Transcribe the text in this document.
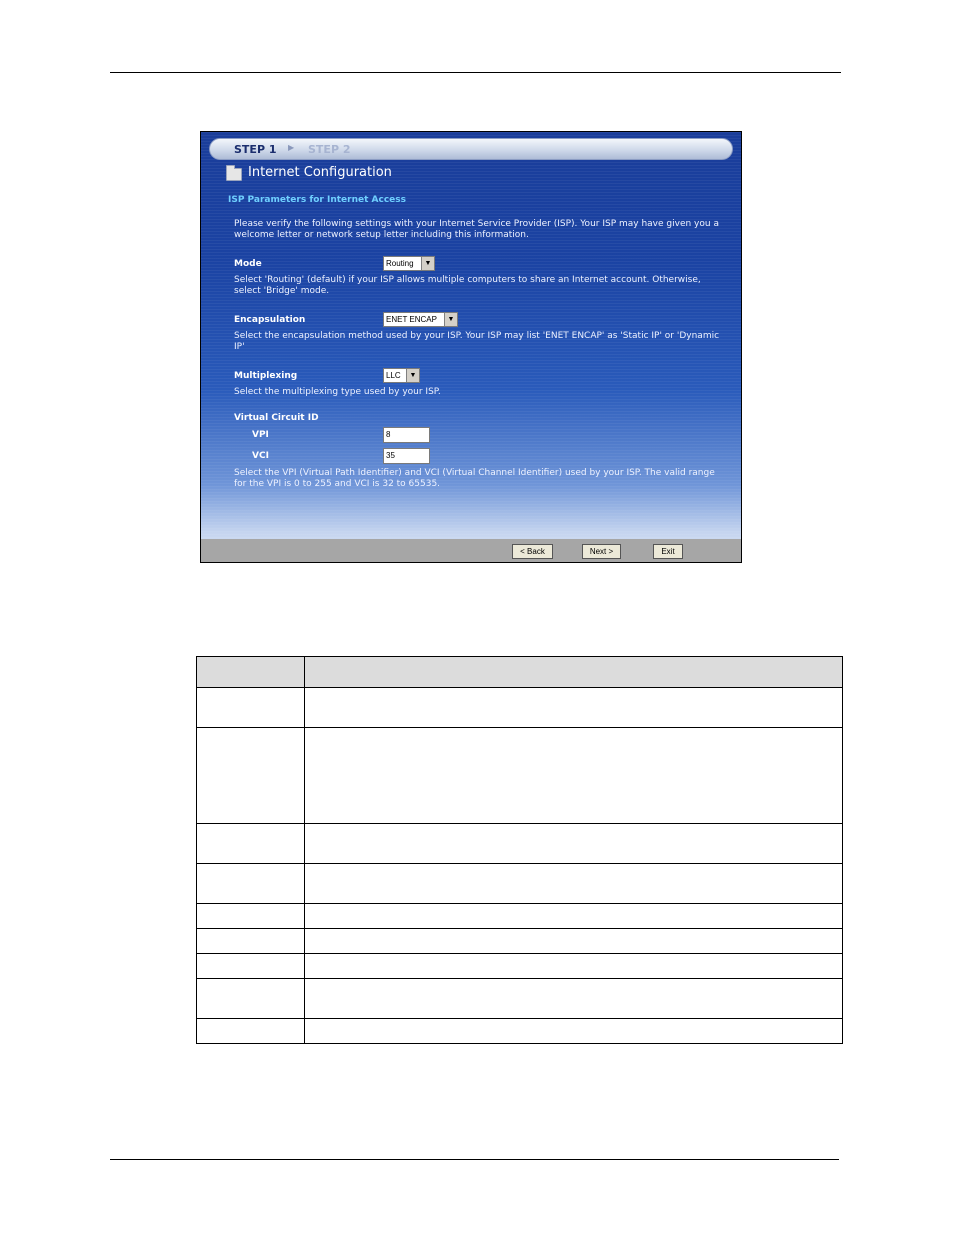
STEP 1 ▶ STEP 2
Internet Configuration
ISP Parameters for Internet Access
Please verify the following settings with your Internet Service Provider (ISP). Your ISP may have given you a welcome letter or network setup letter including this information.
Mode	Routing	▼
Select 'Routing' (default) if your ISP allows multiple computers to share an Internet account. Otherwise, select 'Bridge' mode.
Encapsulation	ENET ENCAP	▼
Select the encapsulation method used by your ISP. Your ISP may list 'ENET ENCAP' as 'Static IP' or 'Dynamic IP'
Multiplexing	LLC	▼
Select the multiplexing type used by your ISP.
Virtual Circuit ID
VPI	8
VCI	35
Select the VPI (Virtual Path Identifier) and VCI (Virtual Channel Identifier) used by your ISP. The valid range for the VPI is 0 to 255 and VCI is 32 to 65535.
< Back	Next >	Exit
